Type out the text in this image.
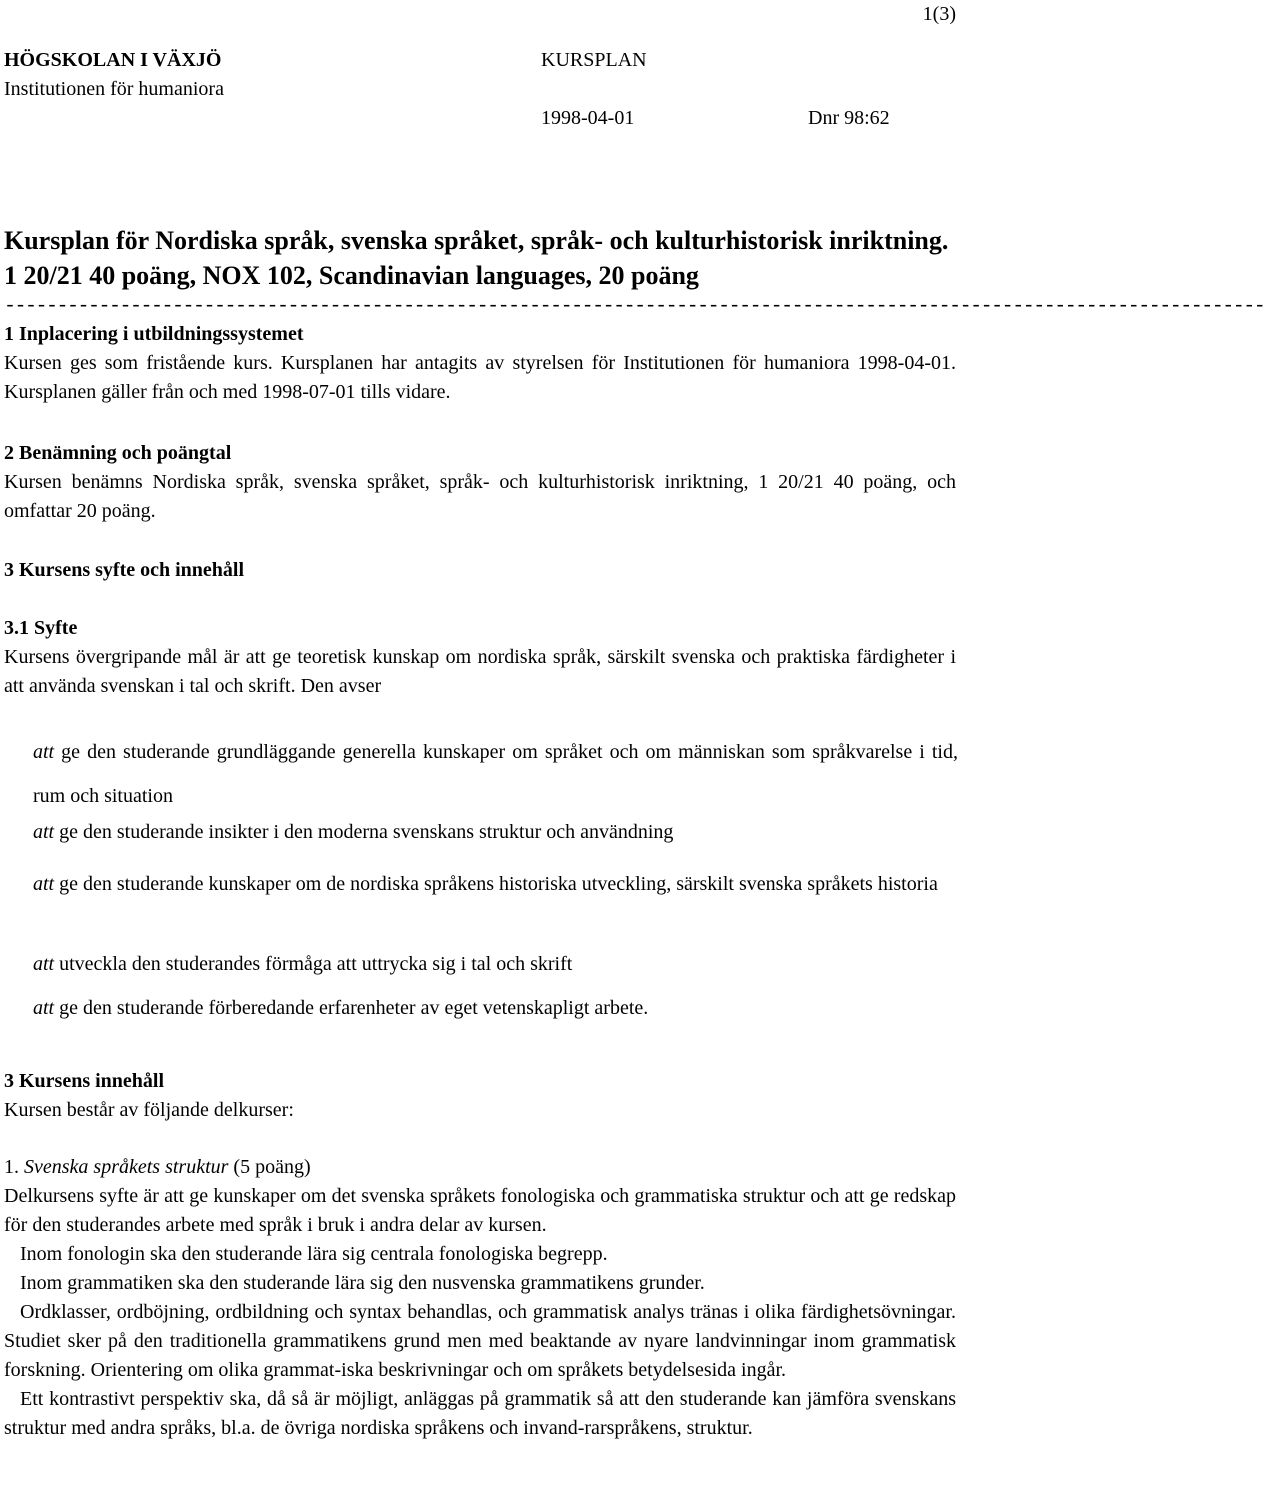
1(3)
HÖGSKOLAN I VÄXJÖ
Institutionen för humaniora
KURSPLAN
1998-04-01	Dnr 98:62
Kursplan för Nordiska språk, svenska språket, språk- och kulturhistorisk inriktning. 1 20/21 40 poäng, NOX 102, Scandinavian languages, 20 poäng
------------------------------------------------------------------------------------------------------------------------

1 Inplacering i utbildningssystemet

Kursen ges som fristående kurs. Kursplanen har antagits av styrelsen för Institutionen för humaniora 1998-04-01. Kursplanen gäller från och med 1998-07-01 tills vidare.

2 Benämning och poängtal

Kursen benämns Nordiska språk, svenska språket, språk- och kulturhistorisk inriktning, 1 20/21 40 poäng, och omfattar 20 poäng.

3 Kursens syfte och innehåll

3.1 Syfte

Kursens övergripande mål är att ge teoretisk kunskap om nordiska språk, särskilt svenska och praktiska färdigheter i att använda svenskan i tal och skrift. Den avser

att ge den studerande grundläggande generella kunskaper om språket och om människan som språkvarelse i tid, rum och situation
att ge den studerande insikter i den moderna svenskans struktur och användning
att ge den studerande kunskaper om de nordiska språkens historiska utveckling, särskilt svenska språkets historia
att utveckla den studerandes förmåga att uttrycka sig i tal och skrift
att ge den studerande förberedande erfarenheter av eget vetenskapligt arbete.

3 Kursens innehåll

Kursen består av följande delkurser:

1. Svenska språkets struktur (5 poäng)

Delkursens syfte är att ge kunskaper om det svenska språkets fonologiska och grammatiska struktur och att ge redskap för den studerandes arbete med språk i bruk i andra delar av kursen.

Inom fonologin ska den studerande lära sig centrala fonologiska begrepp.

Inom grammatiken ska den studerande lära sig den nusvenska grammatikens grunder.

Ordklasser, ordböjning, ordbildning och syntax behandlas, och grammatisk analys tränas i olika färdighetsövningar. Studiet sker på den traditionella grammatikens grund men med beaktande av nyare landvinningar inom grammatisk forskning. Orientering om olika grammat-iska beskrivningar och om språkets betydelsesida ingår.

Ett kontrastivt perspektiv ska, då så är möjligt, anläggas på grammatik så att den studerande kan jämföra svenskans struktur med andra språks, bl.a. de övriga nordiska språkens och invand-rarspråkens, struktur.
